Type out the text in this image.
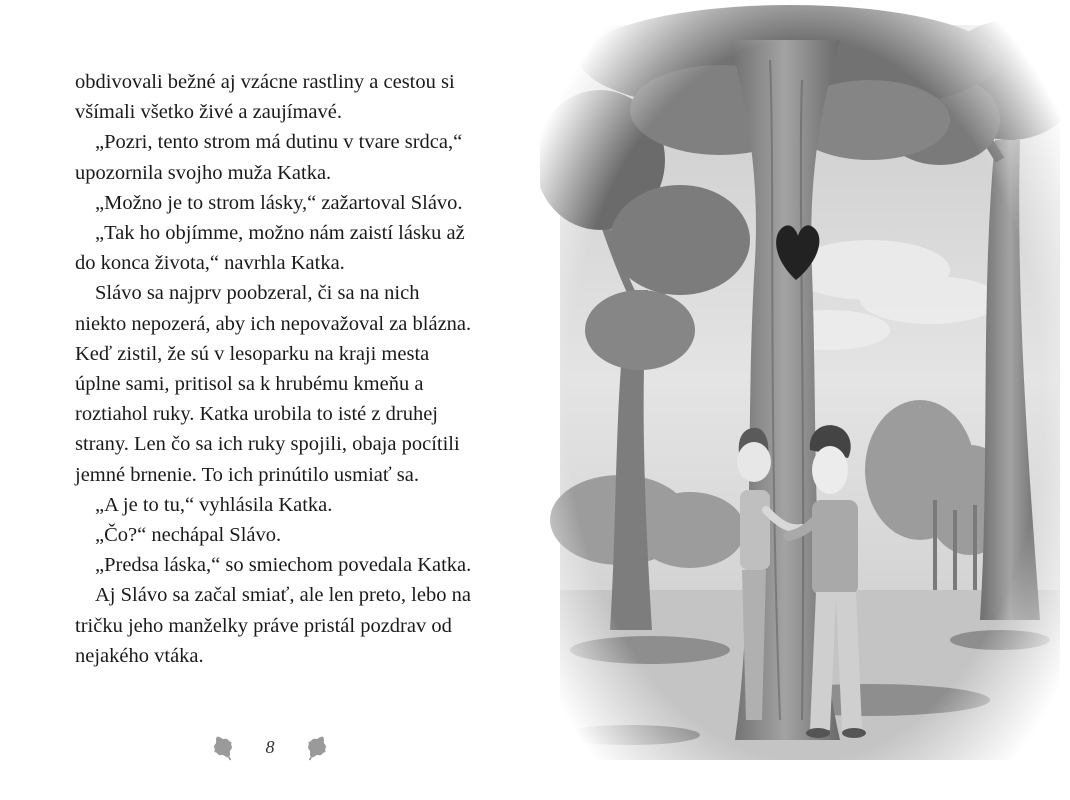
obdivovali bežné aj vzácne rastliny a cestou si všímali všetko živé a zaujímavé.

„Pozri, tento strom má dutinu v tvare srdca,“ upozornila svojho muža Katka.

„Možno je to strom lásky,“ zažartoval Slávo.

„Tak ho objímme, možno nám zaistí lásku až do konca života,“ navrhla Katka.

Slávo sa najprv poobzeral, či sa na nich niekto nepozerá, aby ich nepovažoval za blázna. Keď zistil, že sú v lesoparku na kraji mesta úplne sami, pritisol sa k hrubému kmeňu a roztiahol ruky. Katka urobila to isté z druhej strany. Len čo sa ich ruky spojili, obaja pocítili jemné brnenie. To ich prinútilo usmiať sa.

„A je to tu,“ vyhlásila Katka.

„Čo?“ nechápal Slávo.

„Predsa láska,“ so smiechom povedala Katka.

Aj Slávo sa začal smiať, ale len preto, lebo na tričku jeho manželky práve pristál pozdrav od nejakého vtáka.

8
